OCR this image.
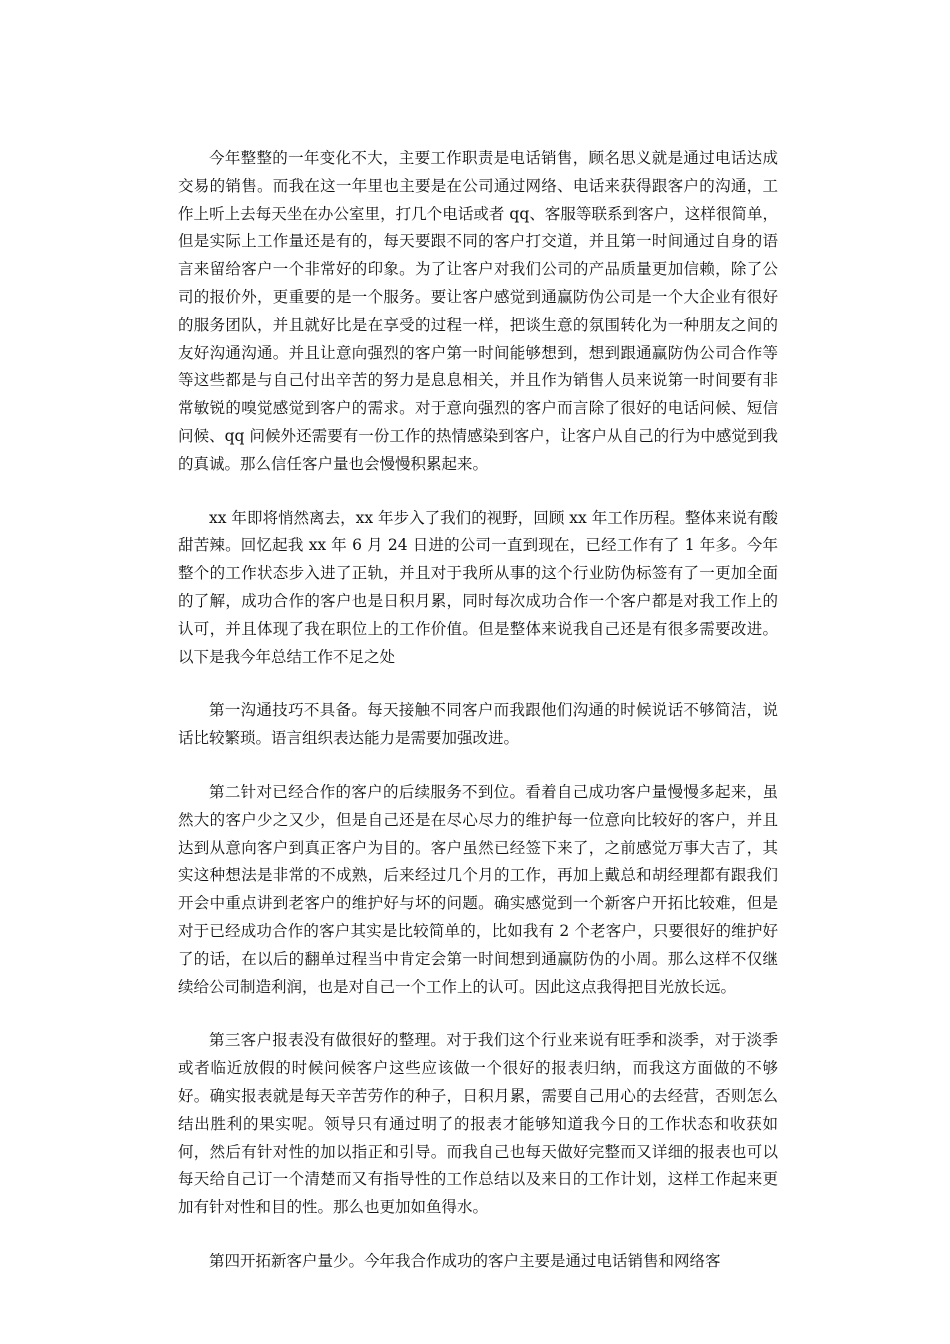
今年整整的一年变化不大，主要工作职责是电话销售，顾名思义就是通过电话达成交易的销售。而我在这一年里也主要是在公司通过网络、电话来获得跟客户的沟通，工作上听上去每天坐在办公室里，打几个电话或者 qq、客服等联系到客户，这样很简单，但是实际上工作量还是有的，每天要跟不同的客户打交道，并且第一时间通过自身的语言来留给客户一个非常好的印象。为了让客户对我们公司的产品质量更加信赖，除了公司的报价外，更重要的是一个服务。要让客户感觉到通赢防伪公司是一个大企业有很好的服务团队，并且就好比是在享受的过程一样，把谈生意的氛围转化为一种朋友之间的友好沟通沟通。并且让意向强烈的客户第一时间能够想到，想到跟通赢防伪公司合作等等这些都是与自己付出辛苦的努力是息息相关，并且作为销售人员来说第一时间要有非常敏锐的嗅觉感觉到客户的需求。对于意向强烈的客户而言除了很好的电话问候、短信问候、qq 问候外还需要有一份工作的热情感染到客户，让客户从自己的行为中感觉到我的真诚。那么信任客户量也会慢慢积累起来。

xx 年即将悄然离去，xx 年步入了我们的视野，回顾 xx 年工作历程。整体来说有酸甜苦辣。回忆起我 xx 年 6 月 24 日进的公司一直到现在，已经工作有了 1 年多。今年整个的工作状态步入进了正轨，并且对于我所从事的这个行业防伪标签有了一更加全面的了解，成功合作的客户也是日积月累，同时每次成功合作一个客户都是对我工作上的认可，并且体现了我在职位上的工作价值。但是整体来说我自己还是有很多需要改进。以下是我今年总结工作不足之处

第一沟通技巧不具备。每天接触不同客户而我跟他们沟通的时候说话不够简洁，说话比较繁琐。语言组织表达能力是需要加强改进。

第二针对已经合作的客户的后续服务不到位。看着自己成功客户量慢慢多起来，虽然大的客户少之又少，但是自己还是在尽心尽力的维护每一位意向比较好的客户，并且达到从意向客户到真正客户为目的。客户虽然已经签下来了，之前感觉万事大吉了，其实这种想法是非常的不成熟，后来经过几个月的工作，再加上戴总和胡经理都有跟我们开会中重点讲到老客户的维护好与坏的问题。确实感觉到一个新客户开拓比较难，但是对于已经成功合作的客户其实是比较简单的，比如我有 2 个老客户，只要很好的维护好了的话，在以后的翻单过程当中肯定会第一时间想到通赢防伪的小周。那么这样不仅继续给公司制造利润，也是对自己一个工作上的认可。因此这点我得把目光放长远。

第三客户报表没有做很好的整理。对于我们这个行业来说有旺季和淡季，对于淡季或者临近放假的时候问候客户这些应该做一个很好的报表归纳，而我这方面做的不够好。确实报表就是每天辛苦劳作的种子，日积月累，需要自己用心的去经营，否则怎么结出胜利的果实呢。领导只有通过明了的报表才能够知道我今日的工作状态和收获如何，然后有针对性的加以指正和引导。而我自己也每天做好完整而又详细的报表也可以每天给自己订一个清楚而又有指导性的工作总结以及来日的工作计划，这样工作起来更加有针对性和目的性。那么也更加如鱼得水。

第四开拓新客户量少。今年我合作成功的客户主要是通过电话销售和网络客
